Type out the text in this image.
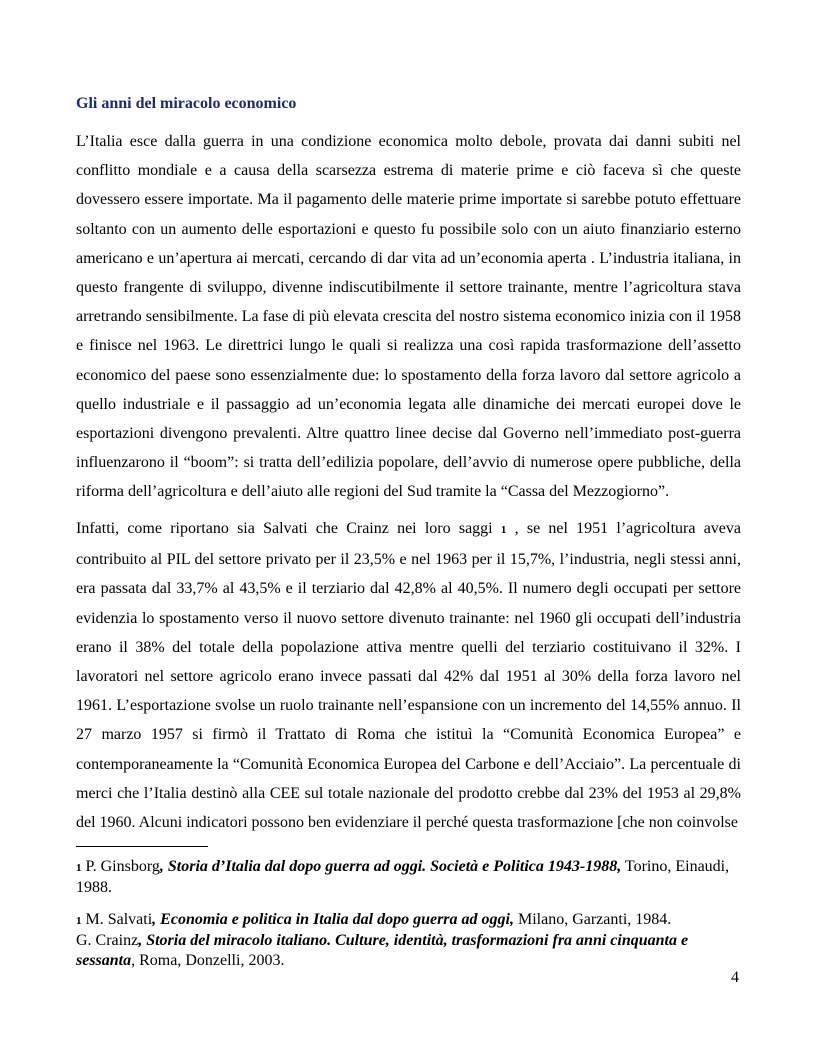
Gli anni del miracolo economico

L’Italia esce dalla guerra in una condizione economica molto debole, provata dai danni subiti nel conflitto mondiale e a causa della scarsezza estrema di materie prime e ciò faceva sì che queste dovessero essere importate. Ma il pagamento delle materie prime importate si sarebbe potuto effettuare soltanto con un aumento delle esportazioni e questo fu possibile solo con un aiuto finanziario esterno americano e un’apertura ai mercati, cercando di dar vita ad un’economia aperta . L’industria italiana, in questo frangente di sviluppo, divenne indiscutibilmente il settore trainante, mentre l’agricoltura stava arretrando sensibilmente. La fase di più elevata crescita del nostro sistema economico inizia con il 1958 e finisce nel 1963. Le direttrici lungo le quali si realizza una così rapida trasformazione dell’assetto economico del paese sono essenzialmente due: lo spostamento della forza lavoro dal settore agricolo a quello industriale e il passaggio ad un’economia legata alle dinamiche dei mercati europei dove le esportazioni divengono prevalenti. Altre quattro linee decise dal Governo nell’immediato post-guerra influenzarono il “boom”: si tratta dell’edilizia popolare, dell’avvio di numerose opere pubbliche, della riforma dell’agricoltura e dell’aiuto alle regioni del Sud tramite la “Cassa del Mezzogiorno”.

Infatti, come riportano sia Salvati che Crainz nei loro saggi 1 , se nel 1951 l’agricoltura aveva contribuito al PIL del settore privato per il 23,5% e nel 1963 per il 15,7%, l’industria, negli stessi anni, era passata dal 33,7% al 43,5% e il terziario dal 42,8% al 40,5%. Il numero degli occupati per settore evidenzia lo spostamento verso il nuovo settore divenuto trainante: nel 1960 gli occupati dell’industria erano il 38% del totale della popolazione attiva mentre quelli del terziario costituivano il 32%. I lavoratori nel settore agricolo erano invece passati dal 42% dal 1951 al 30% della forza lavoro nel 1961. L’esportazione svolse un ruolo trainante nell’espansione con un incremento del 14,55% annuo. Il 27 marzo 1957 si firmò il Trattato di Roma che istituì la “Comunità Economica Europea” e contemporaneamente la “Comunità Economica Europea del Carbone e dell’Acciaio”. La percentuale di merci che l’Italia destinò alla CEE sul totale nazionale del prodotto crebbe dal 23% del 1953 al 29,8% del 1960. Alcuni indicatori possono ben evidenziare il perché questa trasformazione [che non coinvolse

1 P. Ginsborg, Storia d’Italia dal dopo guerra ad oggi. Società e Politica 1943-1988, Torino, Einaudi, 1988.

1 M. Salvati, Economia e politica in Italia dal dopo guerra ad oggi, Milano, Garzanti, 1984.
G. Crainz, Storia del miracolo italiano. Culture, identità, trasformazioni fra anni cinquanta e sessanta, Roma, Donzelli, 2003.

4
